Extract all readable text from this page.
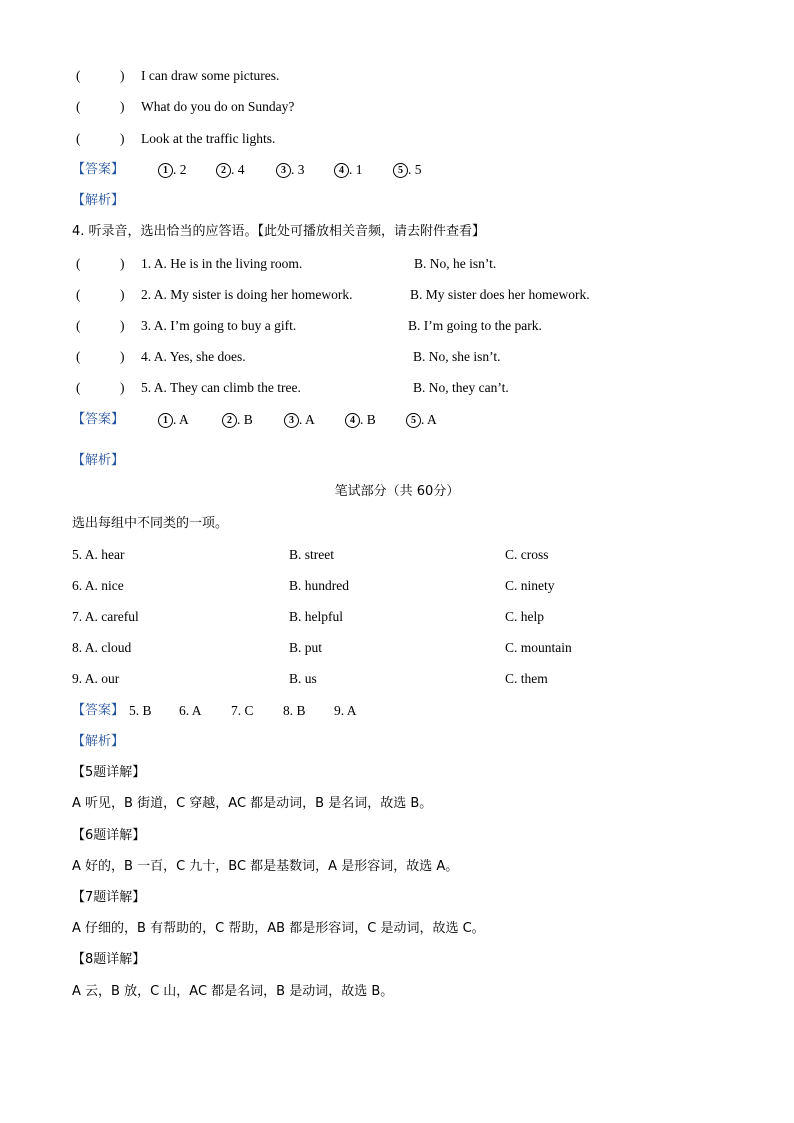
(	) I can draw some pictures.
(	) What do you do on Sunday?
(	) Look at the traffic lights.
【答案】	1 . 2	2 . 4	3 . 3	4 . 1	5 . 5
【解析】
4. 听录音，选出恰当的应答语。【此处可播放相关音频，请去附件查看】
(	) 1. A. He is in the living room.	B. No, he isn’t.
(	) 2. A. My sister is doing her homework.	B. My sister does her homework.
(	) 3. A. I’m going to buy a gift.	B. I’m going to the park.
(	) 4. A. Yes, she does.	B. No, she isn’t.
(	) 5. A. They can climb the tree.	B. No, they can’t.
【答案】	1 . A	2 . B	3 . A	4 . B	5 . A
【解析】
笔试部分（共 60分）
选出每组中不同类的一项。
5. A. hear	B. street	C. cross
6. A. nice	B. hundred	C. ninety
7. A. careful	B. helpful	C. help
8. A. cloud	B. put	C. mountain
9. A. our	B. us	C. them
【答案】 5. B 6. A 7. C 8. B 9. A
【解析】
【5题详解】
A 听见，B 街道，C 穿越，AC 都是动词，B 是名词，故选 B。
【6题详解】
A 好的，B 一百，C 九十，BC 都是基数词，A 是形容词，故选 A。
【7题详解】
A 仔细的，B 有帮助的，C 帮助，AB 都是形容词，C 是动词，故选 C。
【8题详解】
A 云，B 放，C 山，AC 都是名词，B 是动词，故选 B。
